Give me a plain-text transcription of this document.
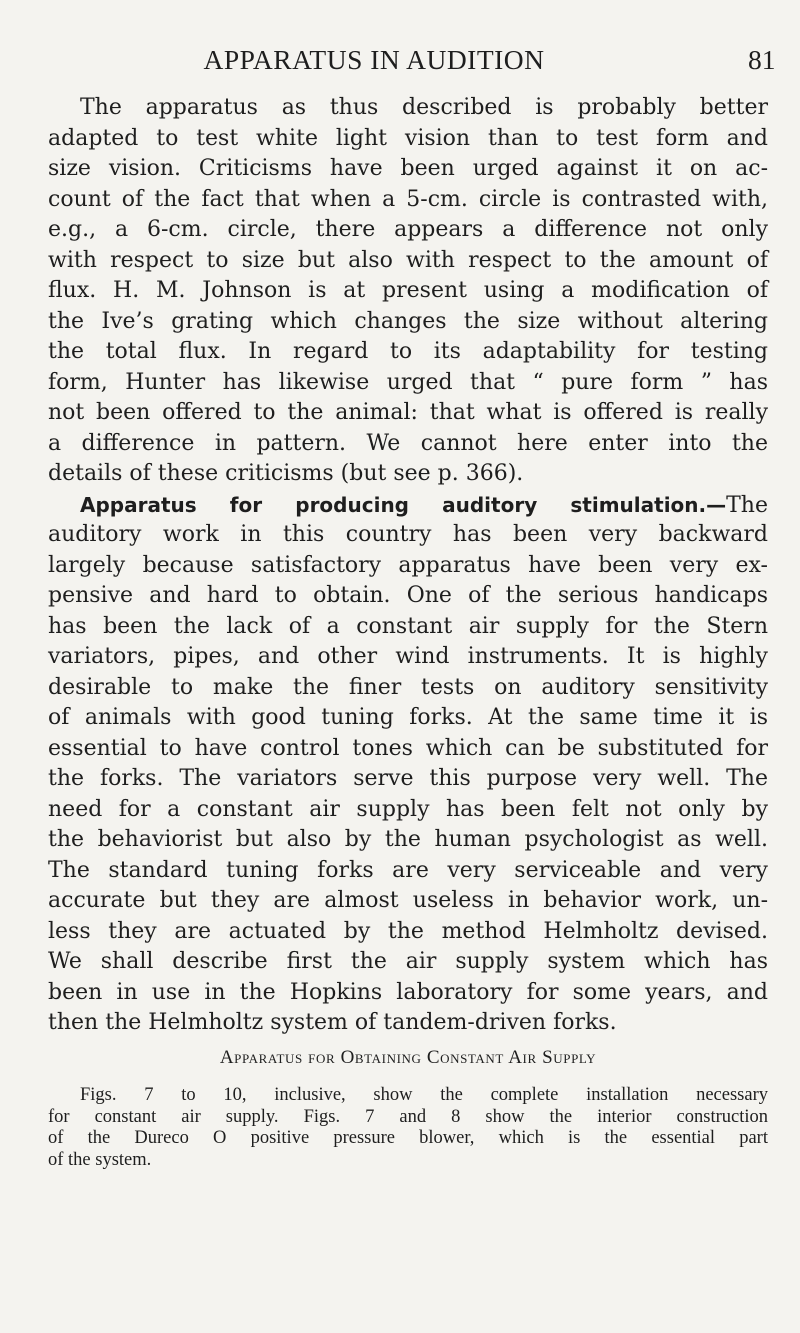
APPARATUS IN AUDITION	81
The apparatus as thus described is probably better
adapted to test white light vision than to test form and
size vision. Criticisms have been urged against it on ac-
count of the fact that when a 5-cm. circle is contrasted with,
e.g., a 6-cm. circle, there appears a difference not only
with respect to size but also with respect to the amount of
flux. H. M. Johnson is at present using a modification of
the Ive’s grating which changes the size without altering
the total flux. In regard to its adaptability for testing
form, Hunter has likewise urged that “ pure form ” has
not been offered to the animal: that what is offered is really
a difference in pattern. We cannot here enter into the
details of these criticisms (but see p. 366).
Apparatus for producing auditory stimulation.—The
auditory work in this country has been very backward
largely because satisfactory apparatus have been very ex-
pensive and hard to obtain. One of the serious handicaps
has been the lack of a constant air supply for the Stern
variators, pipes, and other wind instruments. It is highly
desirable to make the finer tests on auditory sensitivity
of animals with good tuning forks. At the same time it is
essential to have control tones which can be substituted for
the forks. The variators serve this purpose very well. The
need for a constant air supply has been felt not only by
the behaviorist but also by the human psychologist as well.
The standard tuning forks are very serviceable and very
accurate but they are almost useless in behavior work, un-
less they are actuated by the method Helmholtz devised.
We shall describe first the air supply system which has
been in use in the Hopkins laboratory for some years, and
then the Helmholtz system of tandem-driven forks.
Apparatus for Obtaining Constant Air Supply
Figs. 7 to 10, inclusive, show the complete installation necessary
for constant air supply. Figs. 7 and 8 show the interior construction
of the Dureco O positive pressure blower, which is the essential part
of the system.
